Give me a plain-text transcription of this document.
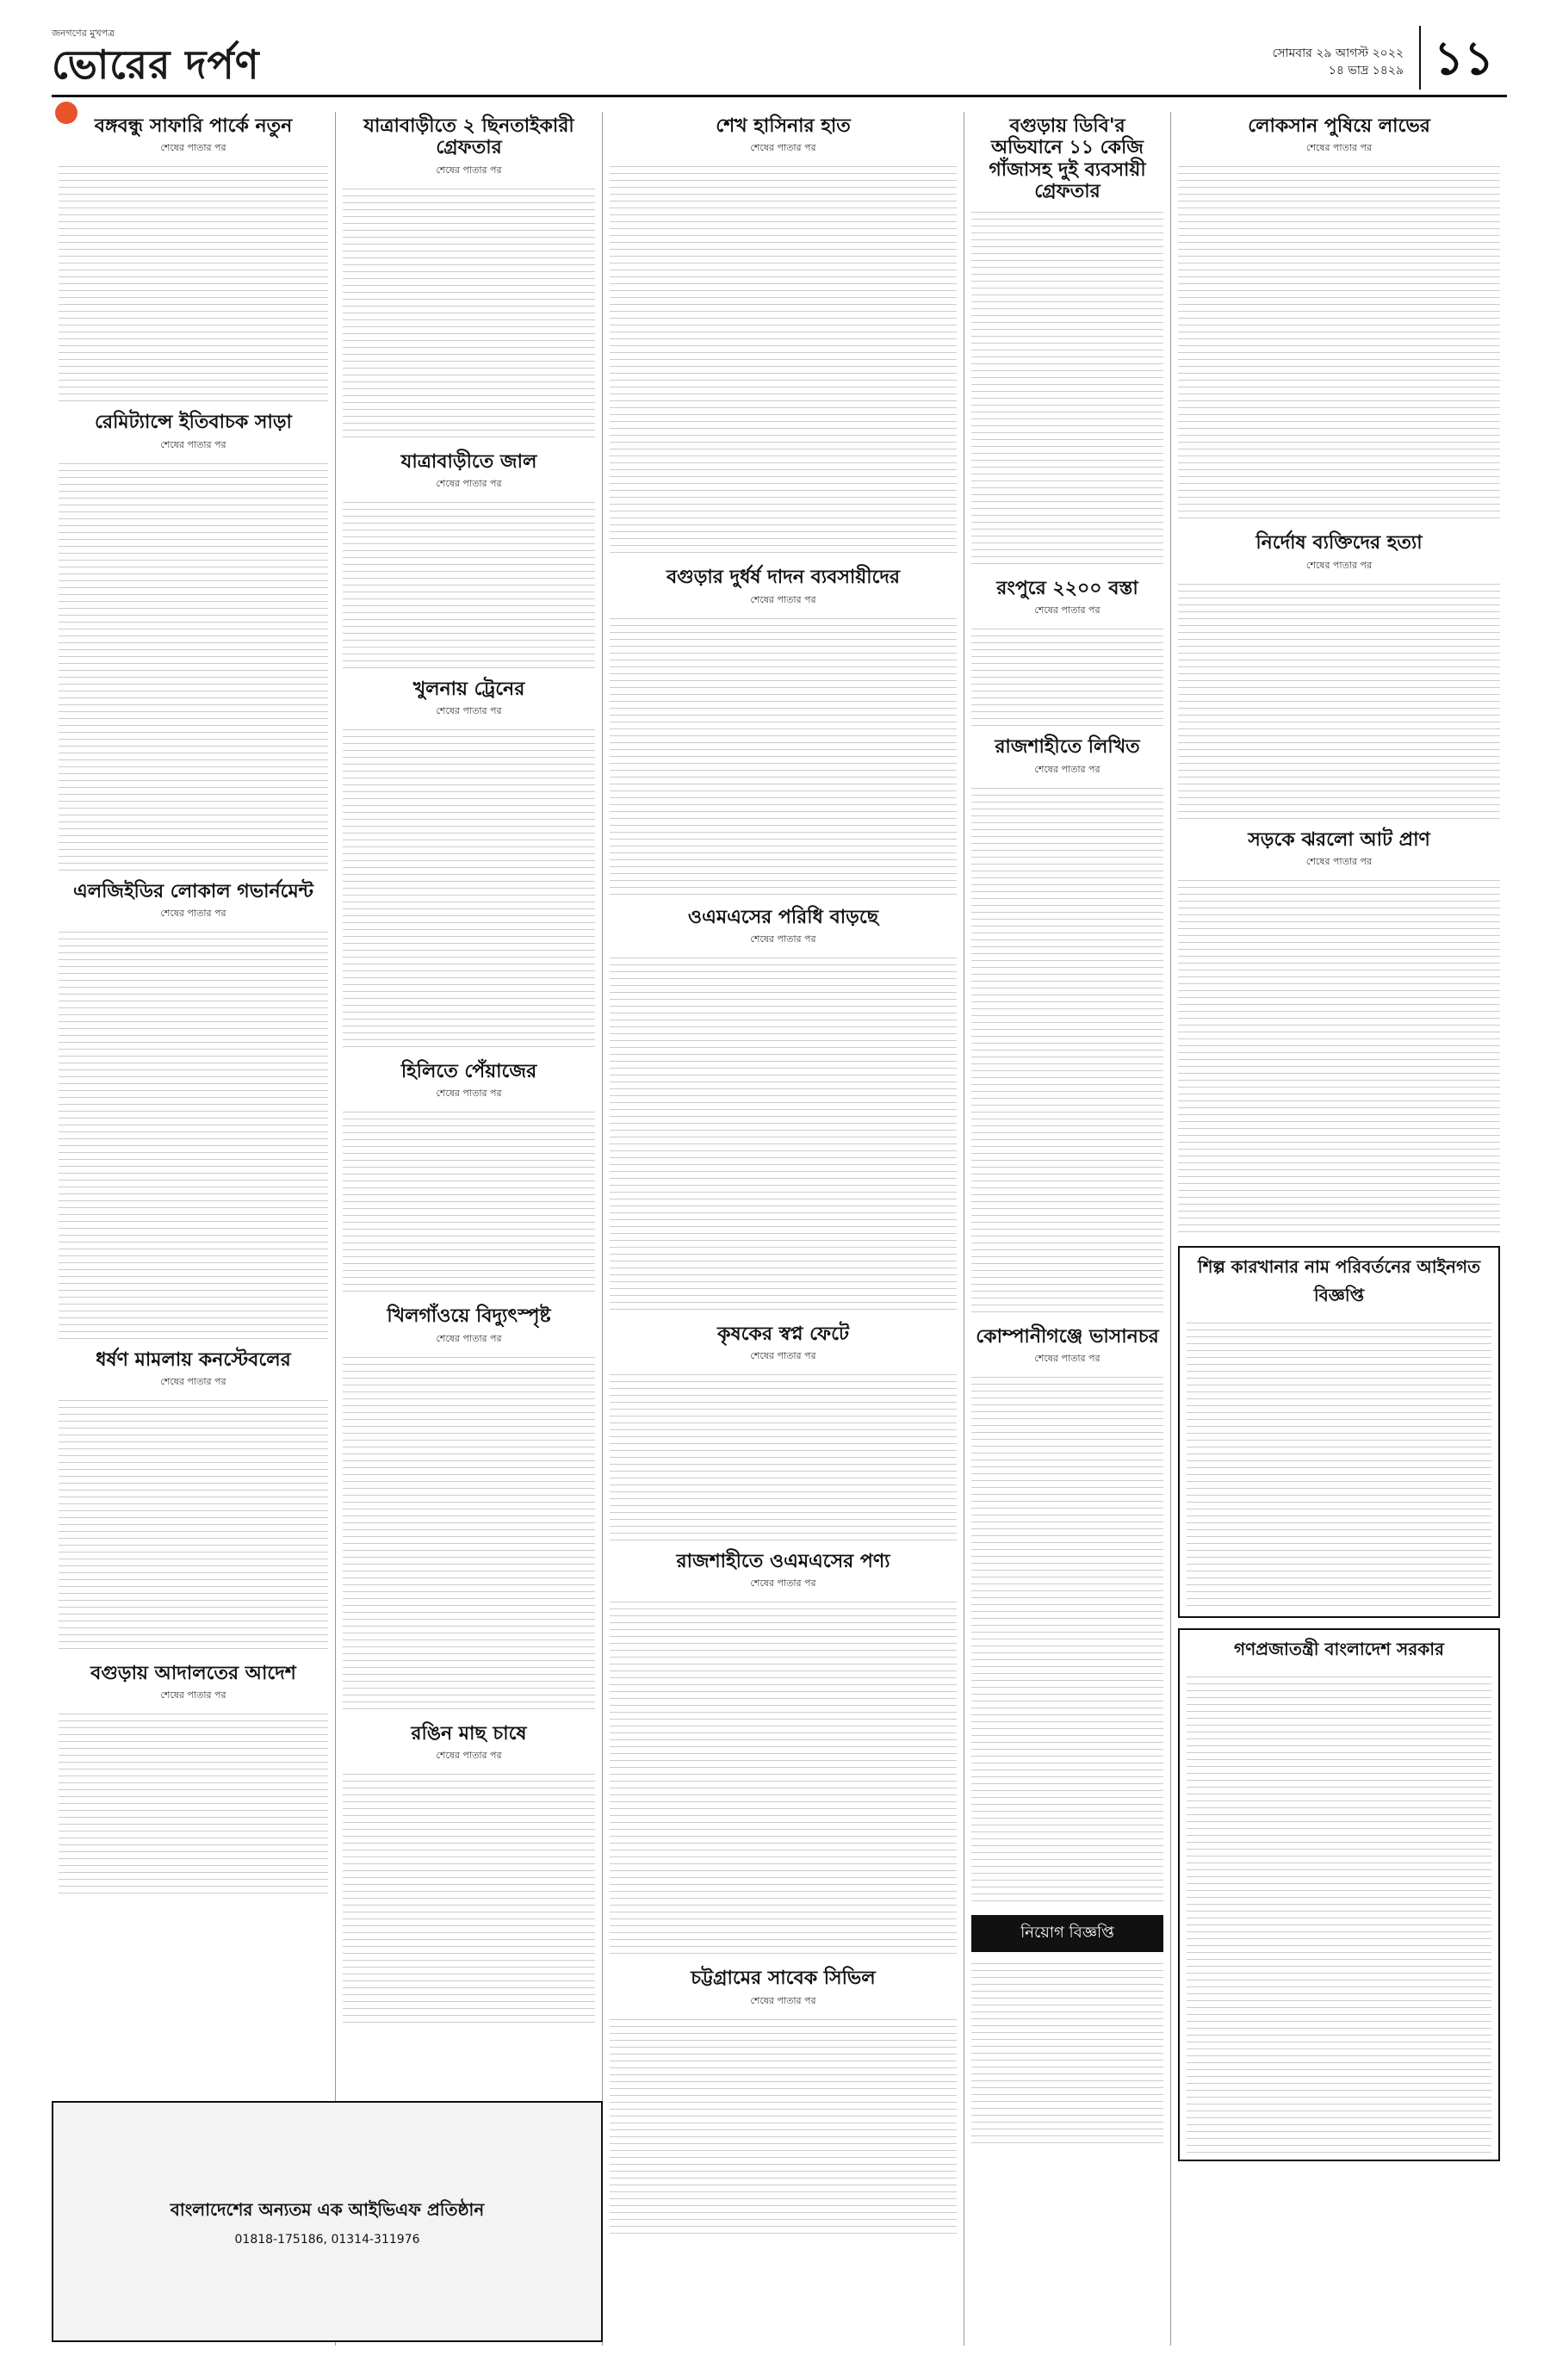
জনগণের মুখপত্র
ভোরের দর্পণ	সোমবার ২৯ আগস্ট ২০২২
১৪ ভাদ্র ১৪২৯ ১১
বঙ্গবন্ধু সাফারি পার্কে নতুন
শেষের পাতার পর
রেমিট্যান্সে ইতিবাচক সাড়া
শেষের পাতার পর
এলজিইডির লোকাল গভার্নমেন্ট
শেষের পাতার পর
ধর্ষণ মামলায় কনস্টেবলের
শেষের পাতার পর
বগুড়ায় আদালতের আদেশ
শেষের পাতার পর
যাত্রাবাড়ীতে ২ ছিনতাইকারী গ্রেফতার
শেষের পাতার পর
যাত্রাবাড়ীতে জাল
শেষের পাতার পর
খুলনায় ট্রেনের
শেষের পাতার পর
হিলিতে পেঁয়াজের
শেষের পাতার পর
খিলগাঁওয়ে বিদ্যুৎস্পৃষ্ট
শেষের পাতার পর
রঙিন মাছ চাষে
শেষের পাতার পর
শেখ হাসিনার হাত
শেষের পাতার পর
বগুড়ার দুর্ধর্ষ দাদন ব্যবসায়ীদের
শেষের পাতার পর
ওএমএসের পরিধি বাড়ছে
শেষের পাতার পর
কৃষকের স্বপ্ন ফেটে
শেষের পাতার পর
রাজশাহীতে ওএমএসের পণ্য
শেষের পাতার পর
চট্টগ্রামের সাবেক সিভিল
শেষের পাতার পর
বগুড়ায় ডিবি'র অভিযানে ১১ কেজি গাঁজাসহ দুই ব্যবসায়ী গ্রেফতার
রংপুরে ২২০০ বস্তা
শেষের পাতার পর
রাজশাহীতে লিখিত
শেষের পাতার পর
কোম্পানীগঞ্জে ভাসানচর
শেষের পাতার পর
নিয়োগ বিজ্ঞপ্তি
লোকসান পুষিয়ে লাভের
শেষের পাতার পর
নির্দোষ ব্যক্তিদের হত্যা
শেষের পাতার পর
সড়কে ঝরলো আট প্রাণ
শেষের পাতার পর
শিল্প কারখানার নাম পরিবর্তনের আইনগত বিজ্ঞপ্তি
গণপ্রজাতন্ত্রী বাংলাদেশ সরকার
বাংলাদেশের অন্যতম এক আইভিএফ প্রতিষ্ঠান
01818-175186, 01314-311976
